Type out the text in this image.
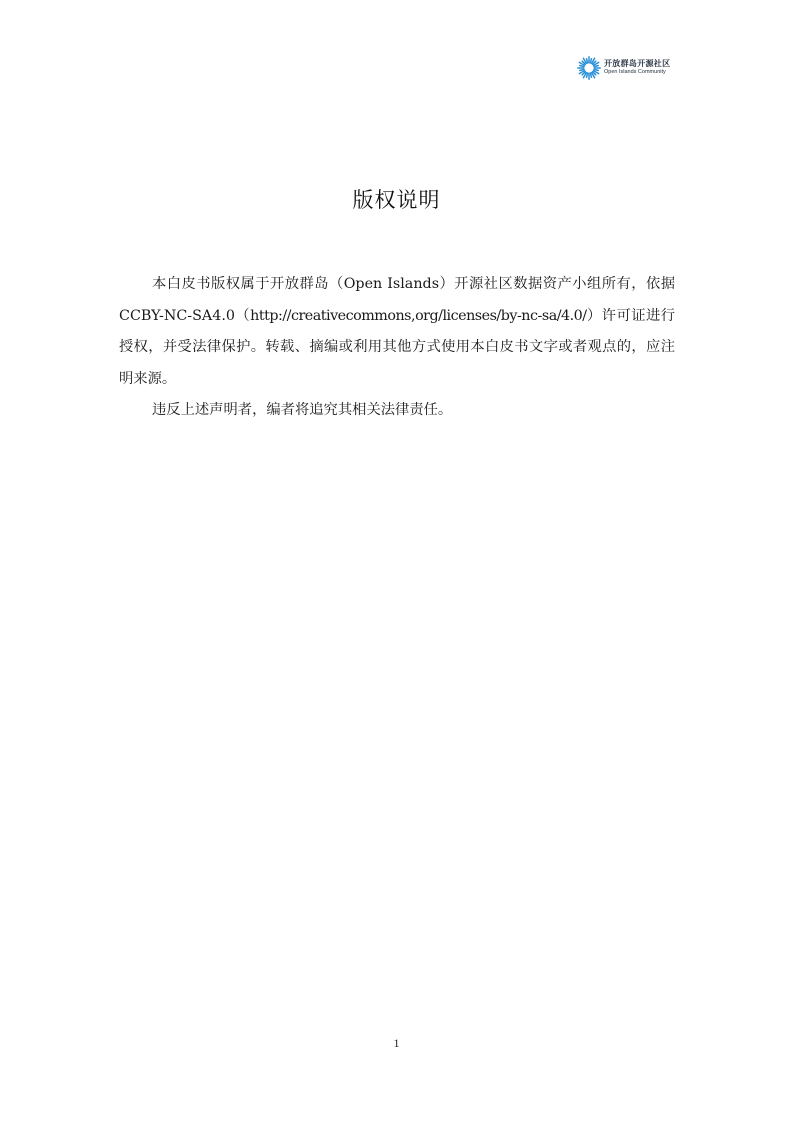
开放群岛开源社区
Open Islands Community
版权说明

本白皮书版权属于开放群岛（Open Islands）开源社区数据资产小组所有，依据 CCBY-NC-SA4.0（http://creativecommons,org/licenses/by-nc-sa/4.0/）许可证进行授权，并受法律保护。转载、摘编或利用其他方式使用本白皮书文字或者观点的，应注明来源。

违反上述声明者，编者将追究其相关法律责任。

1
